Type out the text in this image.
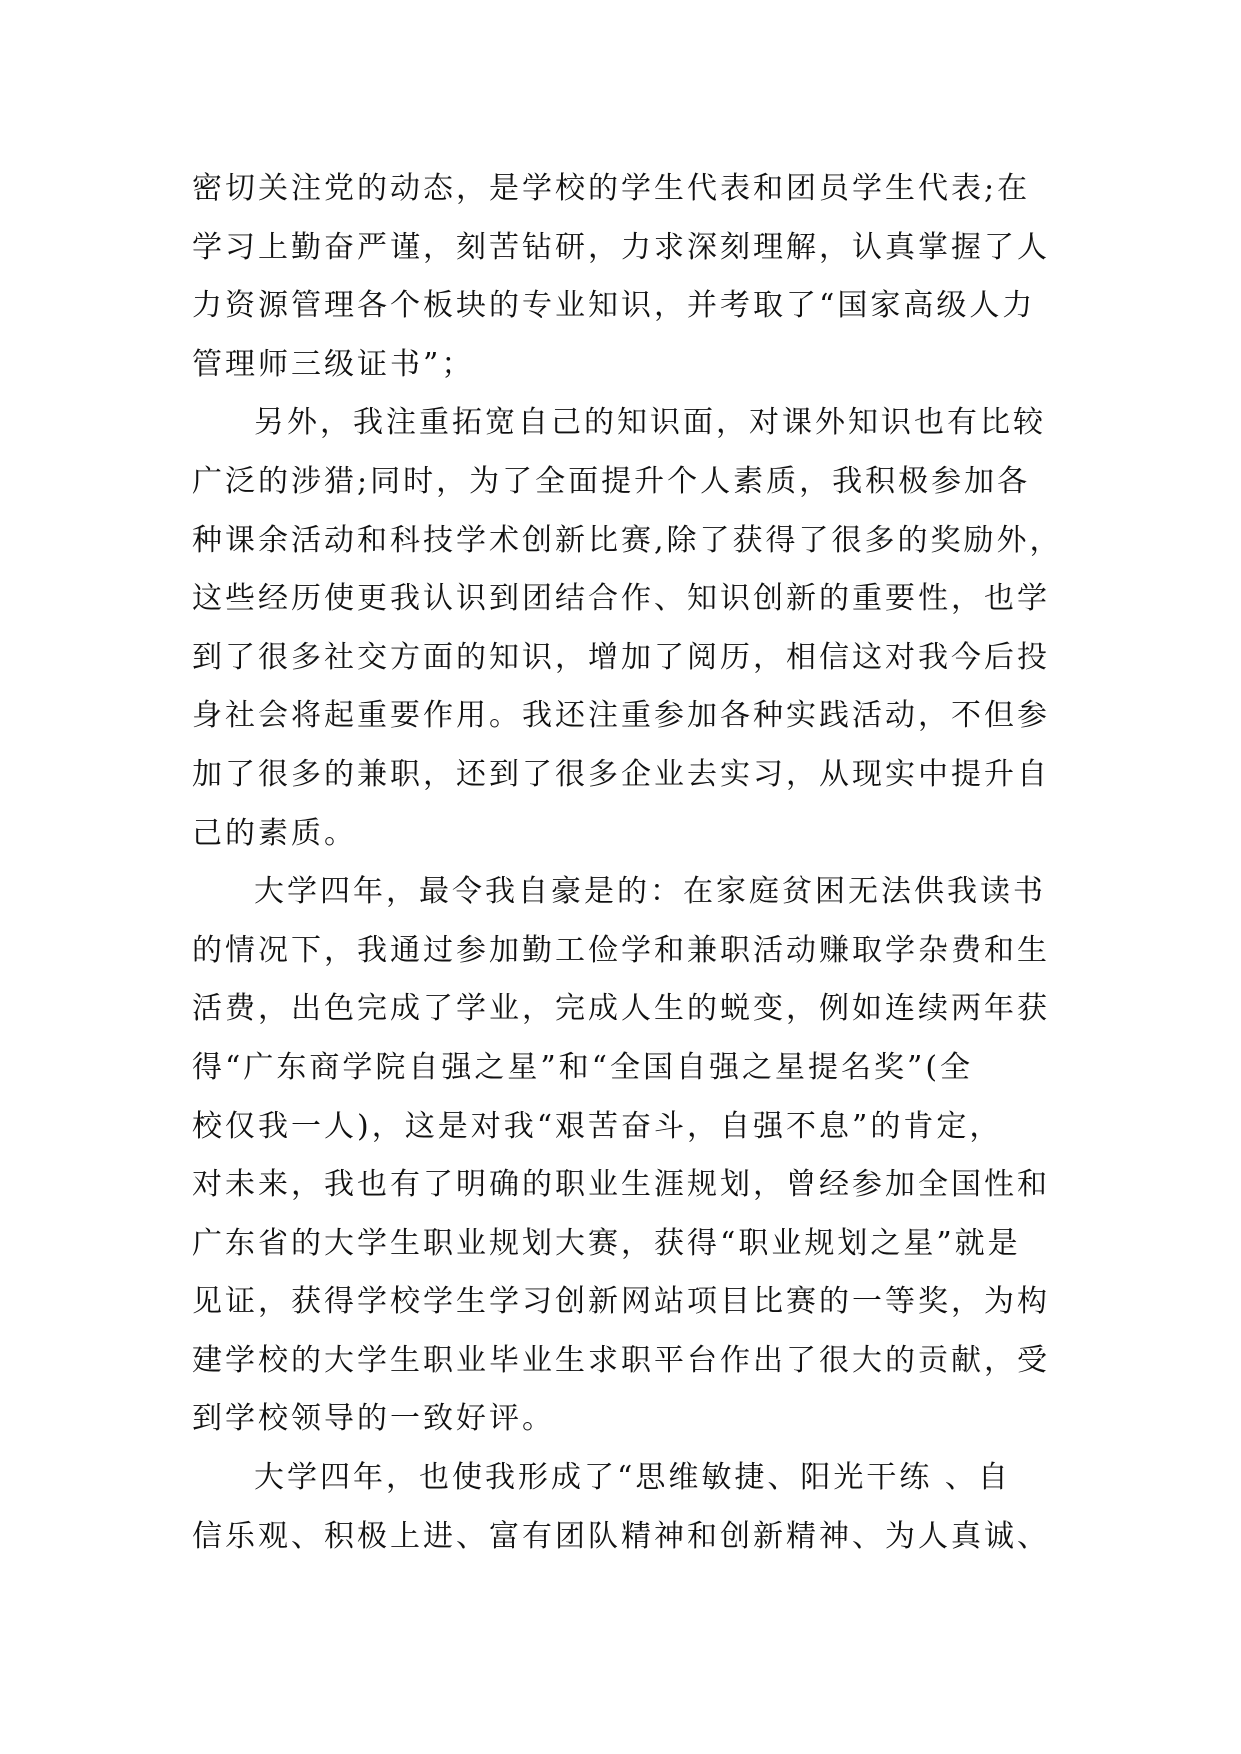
密切关注党的动态，是学校的学生代表和团员学生代表;在
学习上勤奋严谨，刻苦钻研，力求深刻理解，认真掌握了人
力资源管理各个板块的专业知识，并考取了“国家高级人力
管理师三级证书”；
另外，我注重拓宽自己的知识面，对课外知识也有比较
广泛的涉猎;同时，为了全面提升个人素质，我积极参加各
种课余活动和科技学术创新比赛,除了获得了很多的奖励外，
这些经历使更我认识到团结合作、知识创新的重要性，也学
到了很多社交方面的知识，增加了阅历，相信这对我今后投
身社会将起重要作用。我还注重参加各种实践活动，不但参
加了很多的兼职，还到了很多企业去实习，从现实中提升自
己的素质。
大学四年，最令我自豪是的：在家庭贫困无法供我读书
的情况下，我通过参加勤工俭学和兼职活动赚取学杂费和生
活费，出色完成了学业，完成人生的蜕变，例如连续两年获
得“广东商学院自强之星”和“全国自强之星提名奖”(全
校仅我一人)，这是对我“艰苦奋斗，自强不息”的肯定，
对未来，我也有了明确的职业生涯规划，曾经参加全国性和
广东省的大学生职业规划大赛，获得“职业规划之星”就是
见证，获得学校学生学习创新网站项目比赛的一等奖，为构
建学校的大学生职业毕业生求职平台作出了很大的贡献，受
到学校领导的一致好评。
大学四年，也使我形成了“思维敏捷、阳光干练 、自
信乐观、积极上进、富有团队精神和创新精神、为人真诚、
